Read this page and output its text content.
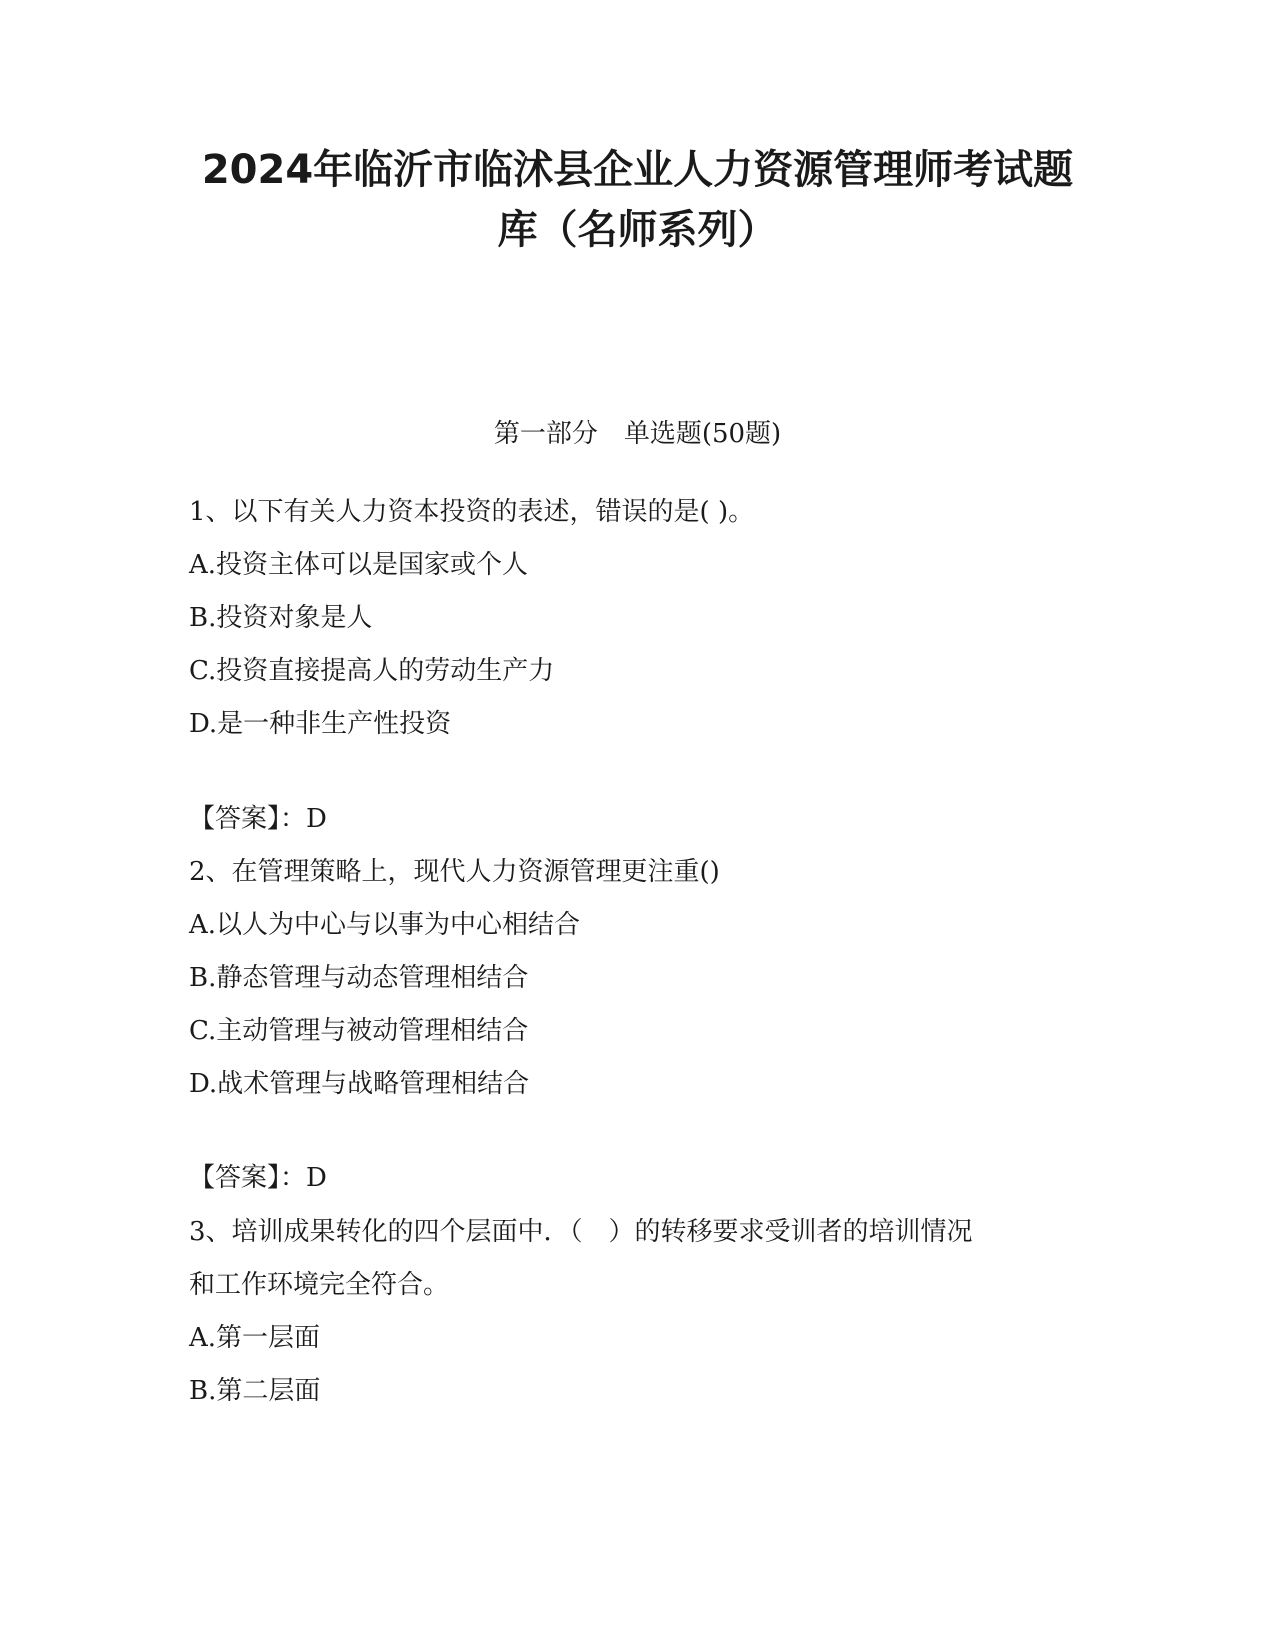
2024年临沂市临沭县企业人力资源管理师考试题
库（名师系列）
第一部分　单选题(50题)
1、以下有关人力资本投资的表述，错误的是( )。
A.投资主体可以是国家或个人
B.投资对象是人
C.投资直接提高人的劳动生产力
D.是一种非生产性投资
【答案】：D
2、在管理策略上，现代人力资源管理更注重()
A.以人为中心与以事为中心相结合
B.静态管理与动态管理相结合
C.主动管理与被动管理相结合
D.战术管理与战略管理相结合
【答案】：D
3、培训成果转化的四个层面中．（　）的转移要求受训者的培训情况
和工作环境完全符合。
A.第一层面
B.第二层面
